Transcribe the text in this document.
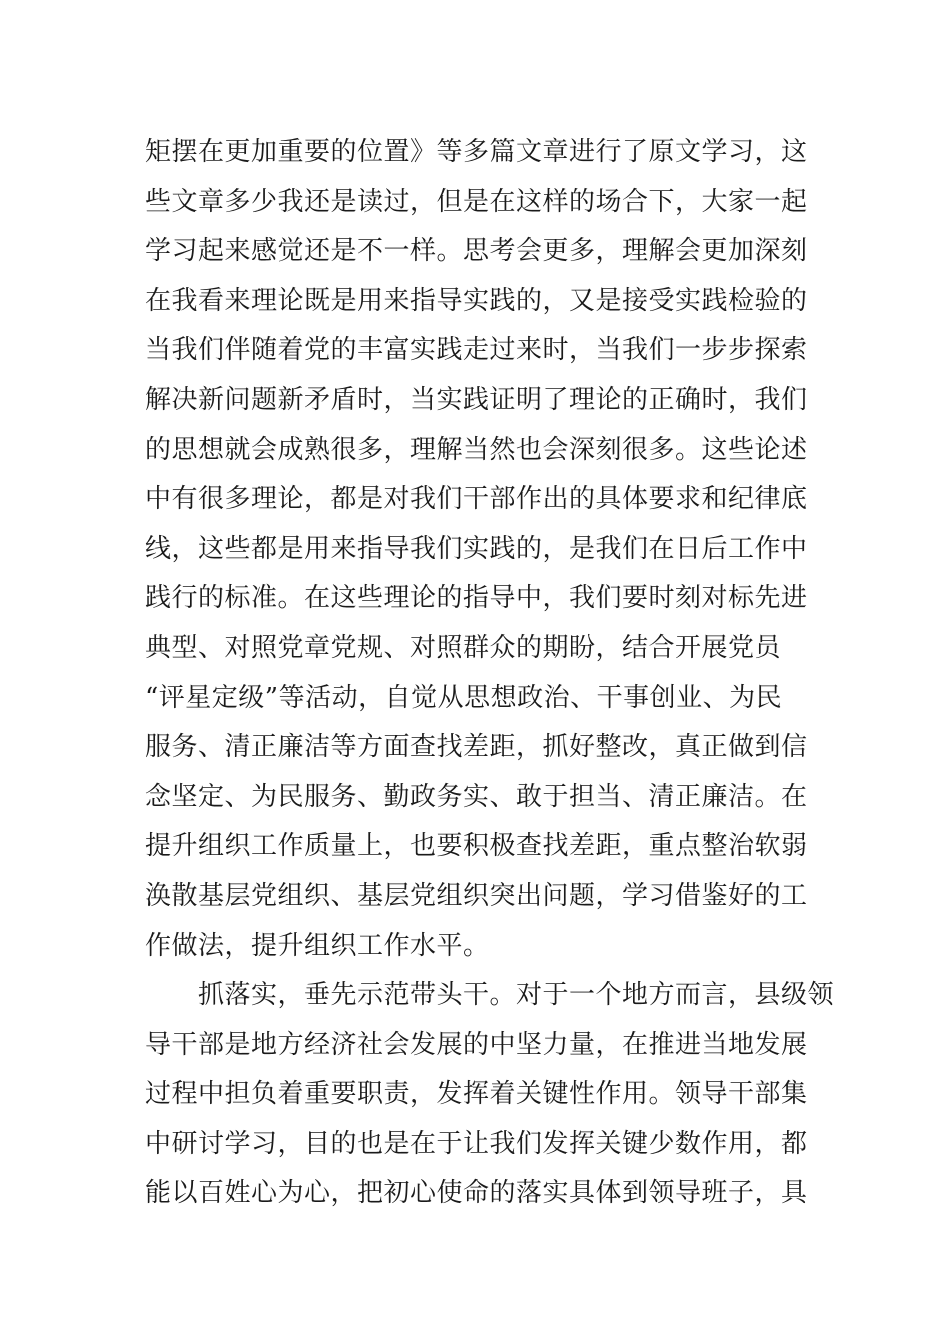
矩摆在更加重要的位置》等多篇文章进行了原文学习，这
些文章多少我还是读过，但是在这样的场合下，大家一起
学习起来感觉还是不一样。思考会更多，理解会更加深刻
在我看来理论既是用来指导实践的，又是接受实践检验的
当我们伴随着党的丰富实践走过来时，当我们一步步探索
解决新问题新矛盾时，当实践证明了理论的正确时，我们
的思想就会成熟很多，理解当然也会深刻很多。这些论述
中有很多理论，都是对我们干部作出的具体要求和纪律底
线，这些都是用来指导我们实践的，是我们在日后工作中
践行的标准。在这些理论的指导中，我们要时刻对标先进
典型、对照党章党规、对照群众的期盼，结合开展党员
“评星定级”等活动，自觉从思想政治、干事创业、为民
服务、清正廉洁等方面查找差距，抓好整改，真正做到信
念坚定、为民服务、勤政务实、敢于担当、清正廉洁。在
提升组织工作质量上，也要积极查找差距，重点整治软弱
涣散基层党组织、基层党组织突出问题，学习借鉴好的工
作做法，提升组织工作水平。
　　抓落实，垂先示范带头干。对于一个地方而言，县级领
导干部是地方经济社会发展的中坚力量，在推进当地发展
过程中担负着重要职责，发挥着关键性作用。领导干部集
中研讨学习，目的也是在于让我们发挥关键少数作用，都
能以百姓心为心，把初心使命的落实具体到领导班子，具
